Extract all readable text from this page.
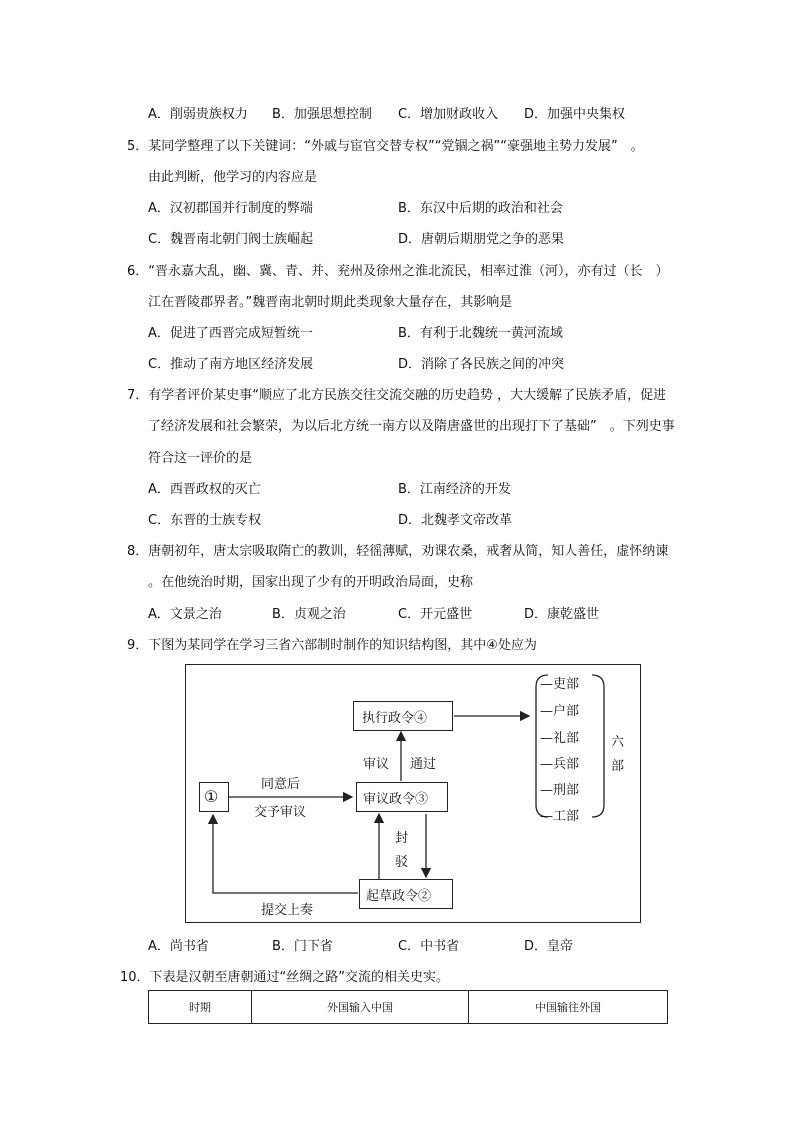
A．削弱贵族权力 B．加强思想控制 C．增加财政收入 D．加强中央集权
5．某同学整理了以下关键词：“外戚与宦官交替专权”“党锢之祸”“豪强地主势力发展”　。
由此判断，他学习的内容应是
A．汉初郡国并行制度的弊端	B．东汉中后期的政治和社会
C．魏晋南北朝门阀士族崛起	D．唐朝后期朋党之争的恶果
6．“晋永嘉大乱，幽、冀、青、并、兖州及徐州之淮北流民，相率过淮（河），亦有过（长　）
江在晋陵郡界者。”魏晋南北朝时期此类现象大量存在，其影响是
A．促进了西晋完成短暂统一	B．有利于北魏统一黄河流域
C．推动了南方地区经济发展	D．消除了各民族之间的冲突
7．有学者评价某史事“顺应了北方民族交往交流交融的历史趋势 ，大大缓解了民族矛盾，促进
了经济发展和社会繁荣，为以后北方统一南方以及隋唐盛世的出现打下了基础”　。下列史事
符合这一评价的是
A．西晋政权的灭亡	B．江南经济的开发
C．东晋的士族专权	D．北魏孝文帝改革
8．唐朝初年，唐太宗吸取隋亡的教训，轻徭薄赋，劝课农桑，戒奢从简，知人善任，虚怀纳谏
。在他统治时期，国家出现了少有的开明政治局面，史称
A．文景之治	B．贞观之治	C．开元盛世	D．康乾盛世
9．下图为某同学在学习三省六部制时制作的知识结构图，其中④处应为
①	审议政令③
执行政令④
起草政令②
同意后
交予审议
审议 通过
封
驳
提交上奏
—吏部
—户部
—礼部
—兵部
—刑部
—工部
六
部
A．尚书省	B．门下省	C．中书省	D．皇帝
10．下表是汉朝至唐朝通过“丝绸之路”交流的相关史实。
时期	外国输入中国	中国输往外国
